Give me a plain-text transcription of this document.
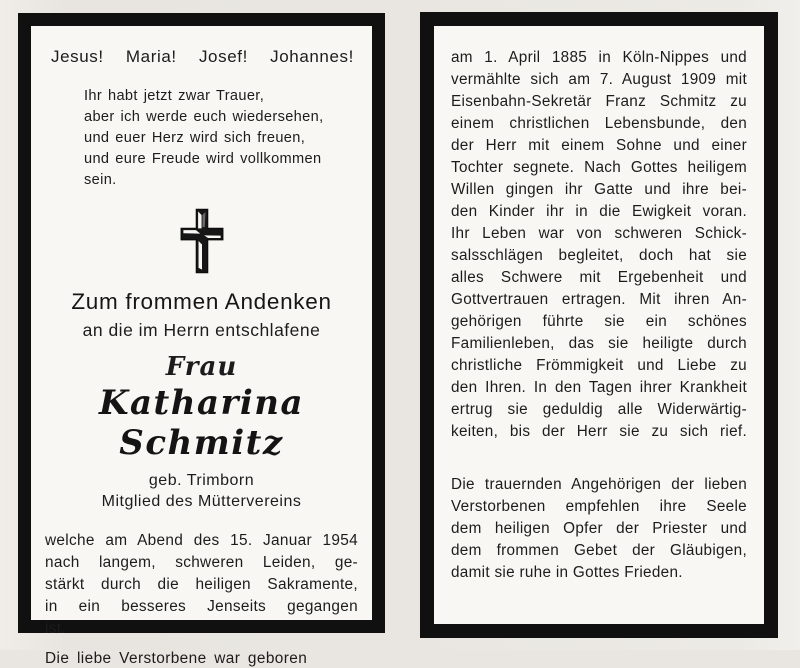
Jesus! Maria! Josef! Johannes!
Ihr habt jetzt zwar Trauer,
aber ich werde euch wiedersehen,
und euer Herz wird sich freuen,
und eure Freude wird vollkommen sein.
Zum frommen Andenken
an die im Herrn entschlafene
Frau
Katharina Schmitz
geb. Trimborn
Mitglied des Müttervereins
welche am Abend des 15. Januar 1954
nach langem, schweren Leiden, ge-
stärkt durch die heiligen Sakramente,
in ein besseres Jenseits gegangen
ist.
Die liebe Verstorbene war geboren
am 1. April 1885 in Köln-Nippes und
vermählte sich am 7. August 1909 mit
Eisenbahn-Sekretär Franz Schmitz zu
einem christlichen Lebensbunde, den
der Herr mit einem Sohne und einer
Tochter segnete. Nach Gottes heiligem
Willen gingen ihr Gatte und ihre bei-
den Kinder ihr in die Ewigkeit voran.
Ihr Leben war von schweren Schick-
salsschlägen begleitet, doch hat sie
alles Schwere mit Ergebenheit und
Gottvertrauen ertragen. Mit ihren An-
gehörigen führte sie ein schönes
Familienleben, das sie heiligte durch
christliche Frömmigkeit und Liebe zu
den Ihren. In den Tagen ihrer Krankheit
ertrug sie geduldig alle Widerwärtig-
keiten, bis der Herr sie zu sich rief.
Die trauernden Angehörigen der lieben
Verstorbenen empfehlen ihre Seele
dem heiligen Opfer der Priester und
dem frommen Gebet der Gläubigen,
damit sie ruhe in Gottes Frieden.
